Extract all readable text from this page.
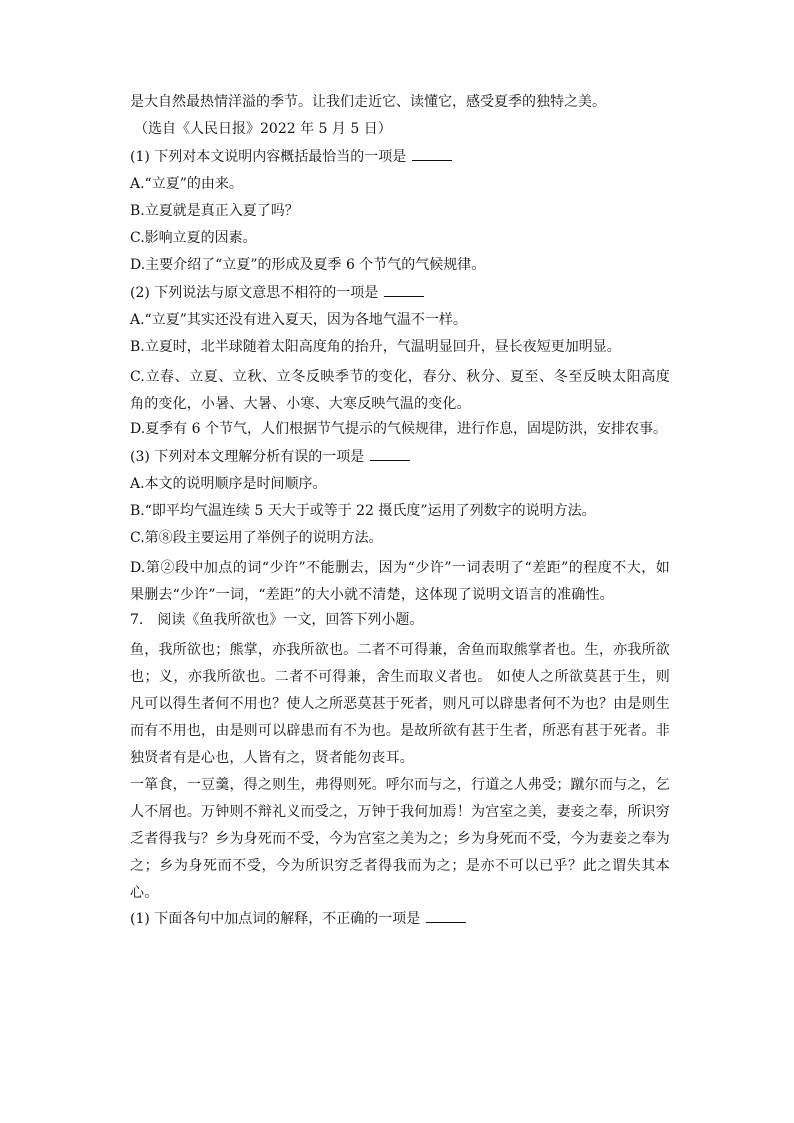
是大自然最热情洋溢的季节。让我们走近它、读懂它，感受夏季的独特之美。
（选自《人民日报》2022 年 5 月 5 日）
(1) 下列对本文说明内容概括最恰当的一项是
A.“立夏”的由来。
B.立夏就是真正入夏了吗？
C.影响立夏的因素。
D.主要介绍了“立夏”的形成及夏季 6 个节气的气候规律。
(2) 下列说法与原文意思不相符的一项是
A.“立夏”其实还没有进入夏天，因为各地气温不一样。
B.立夏时，北半球随着太阳高度角的抬升，气温明显回升，昼长夜短更加明显。
C.立春、立夏、立秋、立冬反映季节的变化，春分、秋分、夏至、冬至反映太阳高度角的变化，小暑、大暑、小寒、大寒反映气温的变化。
D.夏季有 6 个节气，人们根据节气提示的气候规律，进行作息，固堤防洪，安排农事。
(3) 下列对本文理解分析有误的一项是
A.本文的说明顺序是时间顺序。
B.“即平均气温连续 5 天大于或等于 22 摄氏度”运用了列数字的说明方法。
C.第⑧段主要运用了举例子的说明方法。
D.第②段中加点的词“少许”不能删去，因为“少许”一词表明了“差距”的程度不大，如果删去“少许”一词，“差距”的大小就不清楚，这体现了说明文语言的准确性。
7. 阅读《鱼我所欲也》一文，回答下列小题。
鱼，我所欲也；熊掌，亦我所欲也。二者不可得兼，舍鱼而取熊掌者也。生，亦我所欲也；义，亦我所欲也。二者不可得兼，舍生而取义者也。 如使人之所欲莫甚于生，则凡可以得生者何不用也？使人之所恶莫甚于死者，则凡可以辟患者何不为也？由是则生而有不用也，由是则可以辟患而有不为也。是故所欲有甚于生者，所恶有甚于死者。非独贤者有是心也，人皆有之，贤者能勿丧耳。
一箪食，一豆羹，得之则生，弗得则死。呼尔而与之，行道之人弗受；蹴尔而与之，乞人不屑也。万钟则不辩礼义而受之，万钟于我何加焉！为宫室之美，妻妾之奉，所识穷乏者得我与？乡为身死而不受，今为宫室之美为之；乡为身死而不受，今为妻妾之奉为之；乡为身死而不受，今为所识穷乏者得我而为之；是亦不可以已乎？此之谓失其本心。
(1) 下面各句中加点词的解释，不正确的一项是
